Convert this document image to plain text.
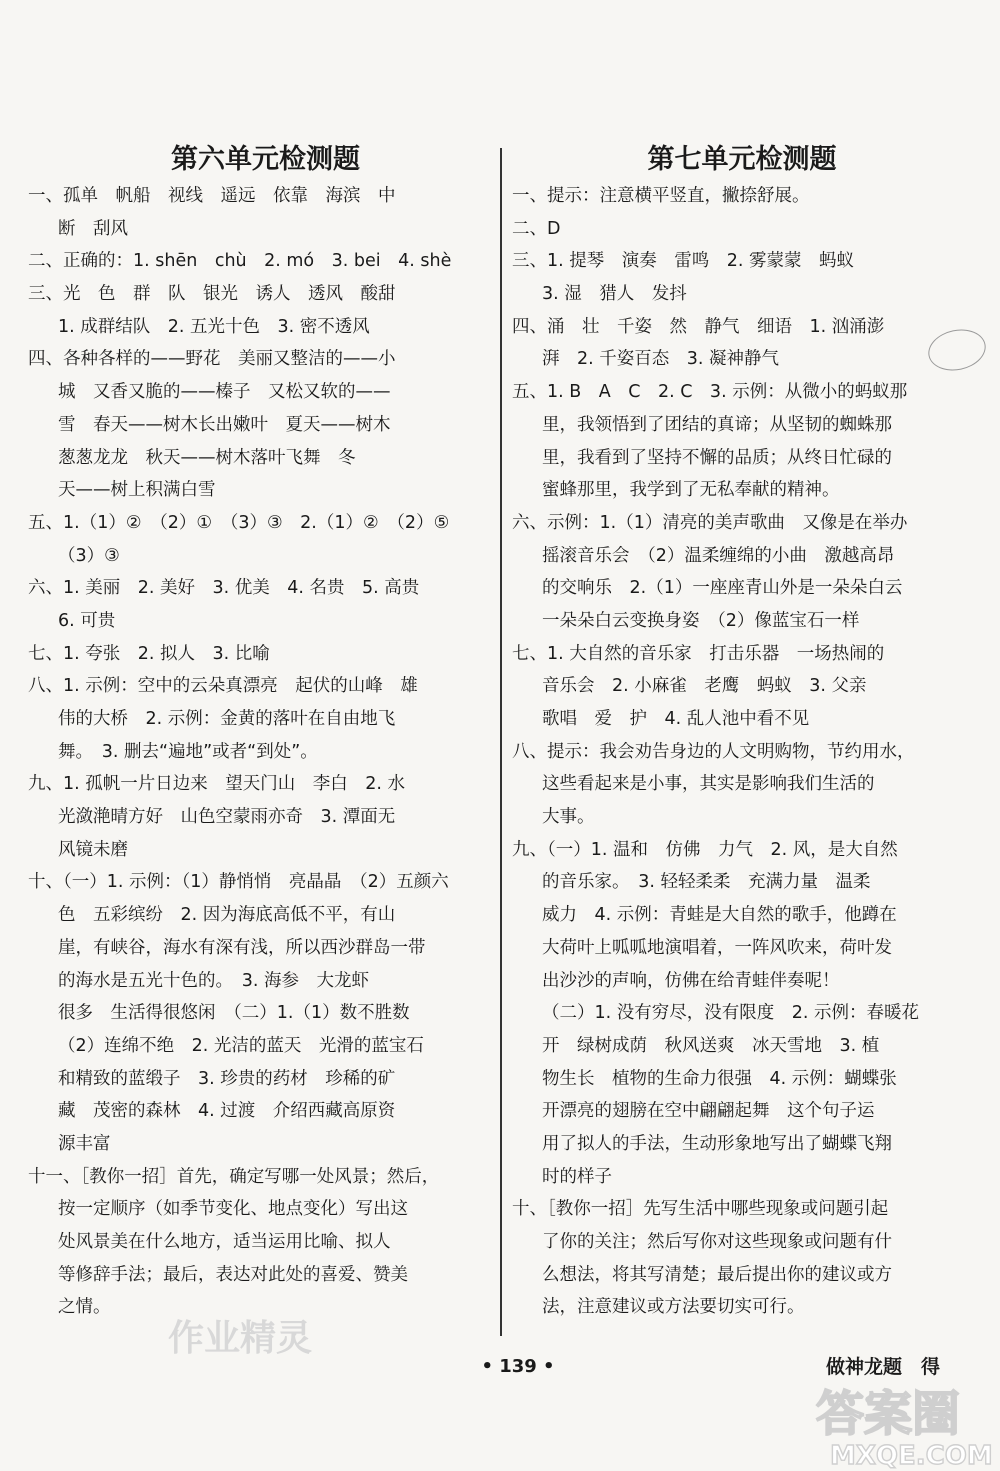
第六单元检测题
一、孤单　帆船　视线　遥远　依靠　海滨　中
断　刮风
二、正确的：1. shēn　chù　2. mó　3. bei　4. shè
三、光　色　群　队　银光　诱人　透风　酸甜
1. 成群结队　2. 五光十色　3. 密不透风
四、各种各样的——野花　美丽又整洁的——小
城　又香又脆的——榛子　又松又软的——
雪　春天——树木长出嫩叶　夏天——树木
葱葱龙龙　秋天——树木落叶飞舞　冬
天——树上积满白雪
五、1.（1）②　（2）①　（3）③　2.（1）②　（2）⑤
（3）③
六、1. 美丽　2. 美好　3. 优美　4. 名贵　5. 高贵
6. 可贵
七、1. 夸张　2. 拟人　3. 比喻
八、1. 示例：空中的云朵真漂亮　起伏的山峰　雄
伟的大桥　2. 示例：金黄的落叶在自由地飞
舞。　3. 删去“遍地”或者“到处”。
九、1. 孤帆一片日边来　望天门山　李白　2. 水
光潋滟晴方好　山色空蒙雨亦奇　3. 潭面无
风镜未磨
十、（一）1. 示例：（1）静悄悄　亮晶晶　（2）五颜六
色　五彩缤纷　2. 因为海底高低不平，有山
崖，有峡谷，海水有深有浅，所以西沙群岛一带
的海水是五光十色的。　3. 海参　大龙虾
很多　生活得很悠闲　（二）1.（1）数不胜数
（2）连绵不绝　2. 光洁的蓝天　光滑的蓝宝石
和精致的蓝缎子　3. 珍贵的药材　珍稀的矿
藏　茂密的森林　4. 过渡　介绍西藏高原资
源丰富
十一、［教你一招］首先，确定写哪一处风景；然后，
按一定顺序（如季节变化、地点变化）写出这
处风景美在什么地方，适当运用比喻、拟人
等修辞手法；最后，表达对此处的喜爱、赞美
之情。
第七单元检测题
一、提示：注意横平竖直，撇捺舒展。
二、D
三、1. 提琴　演奏　雷鸣　2. 雾蒙蒙　蚂蚁
3. 湿　猎人　发抖
四、涌　壮　千姿　然　静气　细语　1. 汹涌澎
湃　2. 千姿百态　3. 凝神静气
五、1. B　A　C　2. C　3. 示例：从微小的蚂蚁那
里，我领悟到了团结的真谛；从坚韧的蜘蛛那
里，我看到了坚持不懈的品质；从终日忙碌的
蜜蜂那里，我学到了无私奉献的精神。
六、示例：1.（1）清亮的美声歌曲　又像是在举办
摇滚音乐会　（2）温柔缠绵的小曲　激越高昂
的交响乐　2.（1）一座座青山外是一朵朵白云
一朵朵白云变换身姿　（2）像蓝宝石一样
七、1. 大自然的音乐家　打击乐器　一场热闹的
音乐会　2. 小麻雀　老鹰　蚂蚁　3. 父亲
歌唱　爱　护　4. 乱人池中看不见
八、提示：我会劝告身边的人文明购物，节约用水，
这些看起来是小事，其实是影响我们生活的
大事。
九、（一）1. 温和　仿佛　力气　2. 风，是大自然
的音乐家。　3. 轻轻柔柔　充满力量　温柔
威力　4. 示例：青蛙是大自然的歌手，他蹲在
大荷叶上呱呱地演唱着，一阵风吹来，荷叶发
出沙沙的声响，仿佛在给青蛙伴奏呢！
（二）1. 没有穷尽，没有限度　2. 示例：春暖花
开　绿树成荫　秋风送爽　冰天雪地　3. 植
物生长　植物的生命力很强　4. 示例：蝴蝶张
开漂亮的翅膀在空中翩翩起舞　这个句子运
用了拟人的手法，生动形象地写出了蝴蝶飞翔
时的样子
十、［教你一招］先写生活中哪些现象或问题引起
了你的关注；然后写你对这些现象或问题有什
么想法，将其写清楚；最后提出你的建议或方
法，注意建议或方法要切实可行。
作业精灵
• 139 •	做神龙题　得
答案圈
MXQE.COM
